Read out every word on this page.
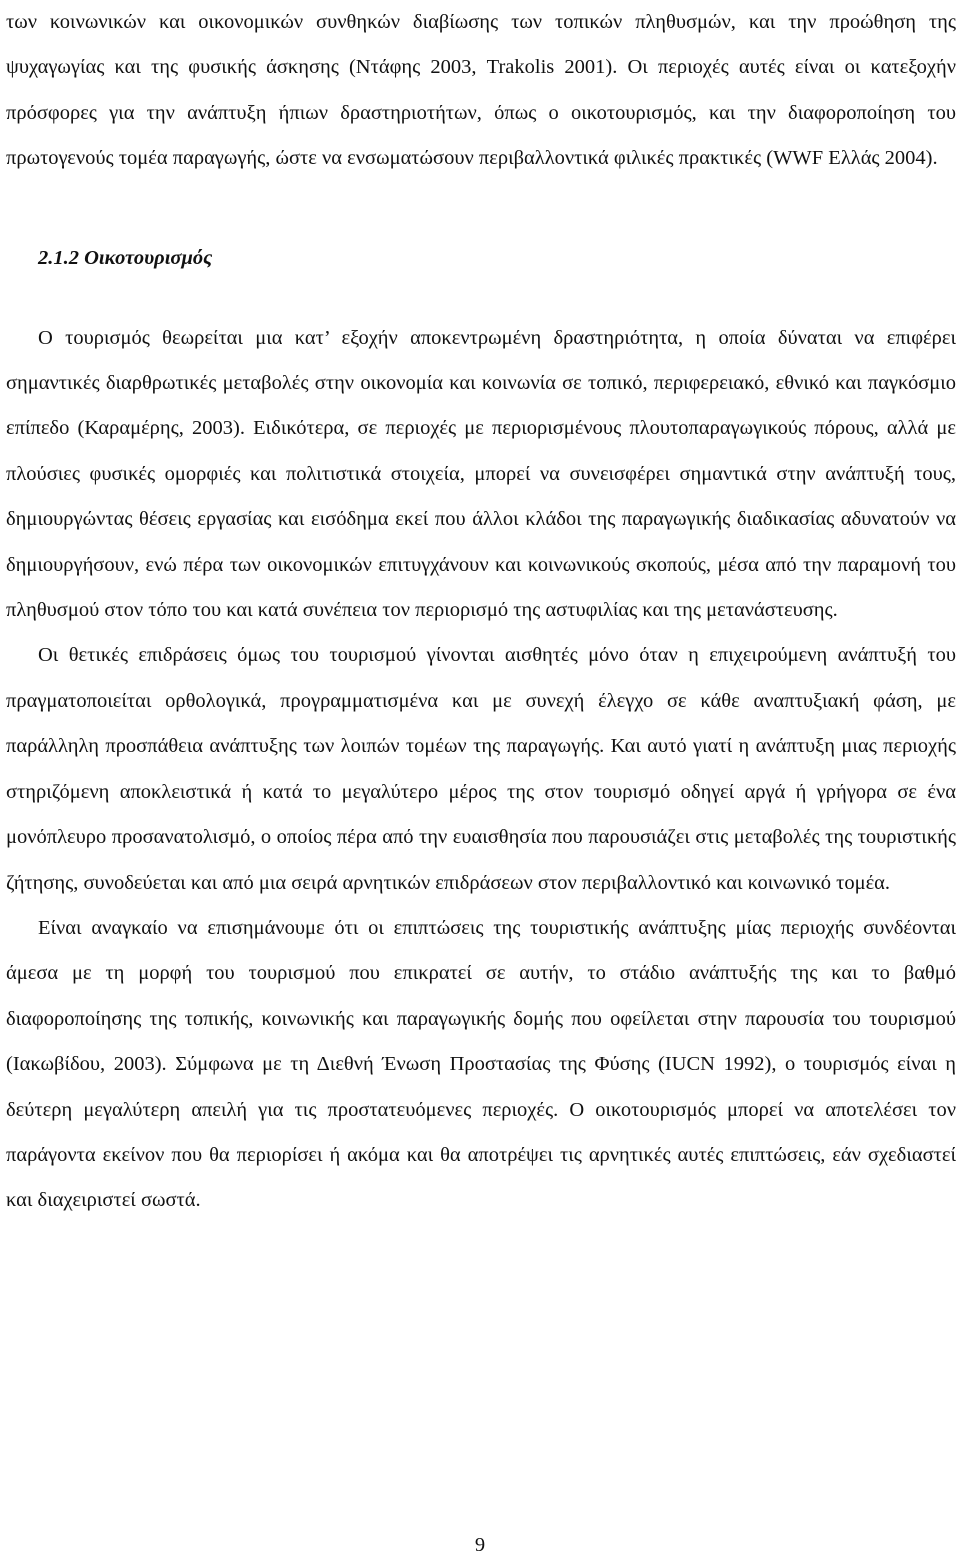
των κοινωνικών και οικονομικών συνθηκών διαβίωσης των τοπικών πληθυσμών, και την προώθηση της ψυχαγωγίας και της φυσικής άσκησης (Ντάφης 2003, Trakolis 2001). Οι περιοχές αυτές είναι οι κατεξοχήν πρόσφορες για την ανάπτυξη ήπιων δραστηριοτήτων, όπως ο οικοτουρισμός, και την διαφοροποίηση του πρωτογενούς τομέα παραγωγής, ώστε να ενσωματώσουν περιβαλλοντικά φιλικές πρακτικές (WWF Ελλάς 2004).

2.1.2 Οικοτουρισμός

Ο τουρισμός θεωρείται μια κατ’ εξοχήν αποκεντρωμένη δραστηριότητα, η οποία δύναται να επιφέρει σημαντικές διαρθρωτικές μεταβολές στην οικονομία και κοινωνία σε τοπικό, περιφερειακό, εθνικό και παγκόσμιο επίπεδο (Καραμέρης, 2003). Ειδικότερα, σε περιοχές με περιορισμένους πλουτοπαραγωγικούς πόρους, αλλά με πλούσιες φυσικές ομορφιές και πολιτιστικά στοιχεία, μπορεί να συνεισφέρει σημαντικά στην ανάπτυξή τους, δημιουργώντας θέσεις εργασίας και εισόδημα εκεί που άλλοι κλάδοι της παραγωγικής διαδικασίας αδυνατούν να δημιουργήσουν, ενώ πέρα των οικονομικών επιτυγχάνουν και κοινωνικούς σκοπούς, μέσα από την παραμονή του πληθυσμού στον τόπο του και κατά συνέπεια τον περιορισμό της αστυφιλίας και της μετανάστευσης.

Οι θετικές επιδράσεις όμως του τουρισμού γίνονται αισθητές μόνο όταν η επιχειρούμενη ανάπτυξή του πραγματοποιείται ορθολογικά, προγραμματισμένα και με συνεχή έλεγχο σε κάθε αναπτυξιακή φάση, με παράλληλη προσπάθεια ανάπτυξης των λοιπών τομέων της παραγωγής. Και αυτό γιατί η ανάπτυξη μιας περιοχής στηριζόμενη αποκλειστικά ή κατά το μεγαλύτερο μέρος της στον τουρισμό οδηγεί αργά ή γρήγορα σε ένα μονόπλευρο προσανατολισμό, ο οποίος πέρα από την ευαισθησία που παρουσιάζει στις μεταβολές της τουριστικής ζήτησης, συνοδεύεται και από μια σειρά αρνητικών επιδράσεων στον περιβαλλοντικό και κοινωνικό τομέα.

Είναι αναγκαίο να επισημάνουμε ότι οι επιπτώσεις της τουριστικής ανάπτυξης μίας περιοχής συνδέονται άμεσα με τη μορφή του τουρισμού που επικρατεί σε αυτήν, το στάδιο ανάπτυξής της και το βαθμό διαφοροποίησης της τοπικής, κοινωνικής και παραγωγικής δομής που οφείλεται στην παρουσία του τουρισμού (Ιακωβίδου, 2003). Σύμφωνα με τη Διεθνή Ένωση Προστασίας της Φύσης (IUCN 1992), ο τουρισμός είναι η δεύτερη μεγαλύτερη απειλή για τις προστατευόμενες περιοχές. Ο οικοτουρισμός μπορεί να αποτελέσει τον παράγοντα εκείνον που θα περιορίσει ή ακόμα και θα αποτρέψει τις αρνητικές αυτές επιπτώσεις, εάν σχεδιαστεί και διαχειριστεί σωστά.

9
